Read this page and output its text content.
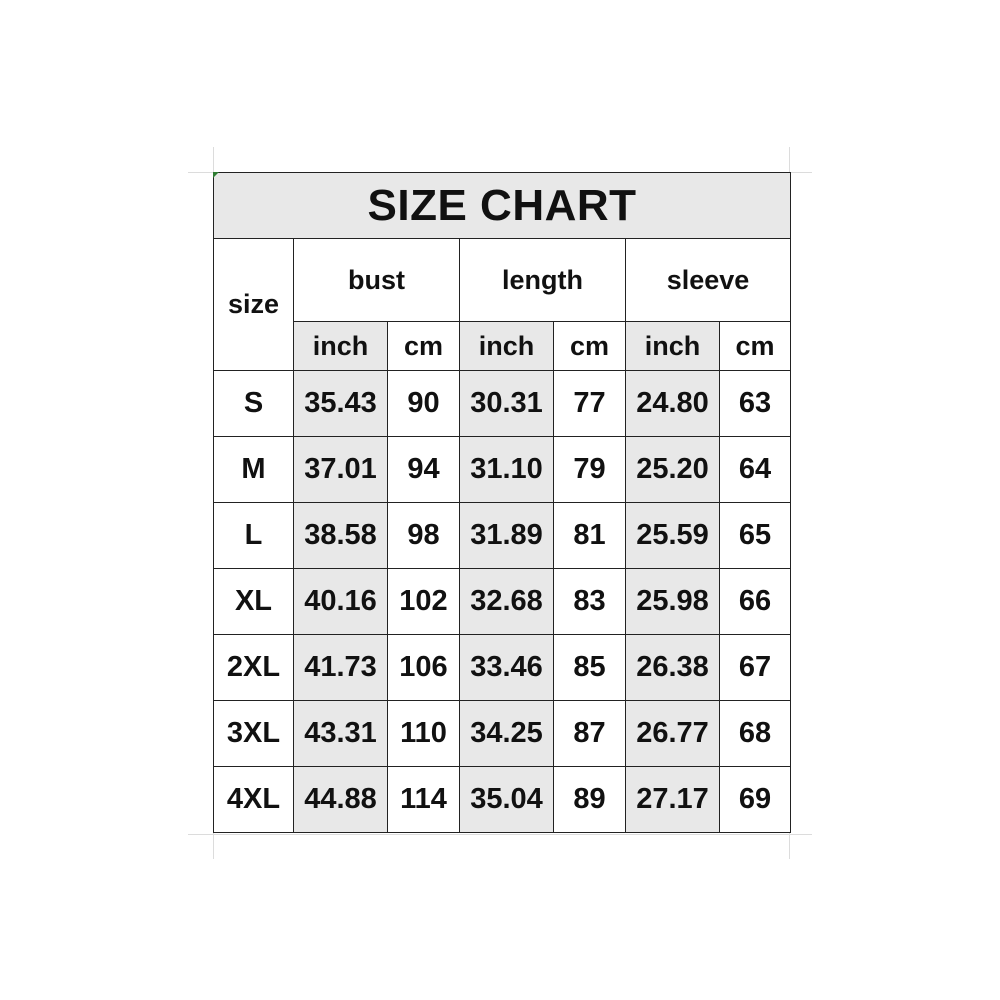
SIZE CHART						
size	bust		length		sleeve	
	inch	cm	inch	cm	inch	cm
S	35.43	90	30.31	77	24.80	63
M	37.01	94	31.10	79	25.20	64
L	38.58	98	31.89	81	25.59	65
XL	40.16	102	32.68	83	25.98	66
2XL	41.73	106	33.46	85	26.38	67
3XL	43.31	110	34.25	87	26.77	68
4XL	44.88	114	35.04	89	27.17	69
